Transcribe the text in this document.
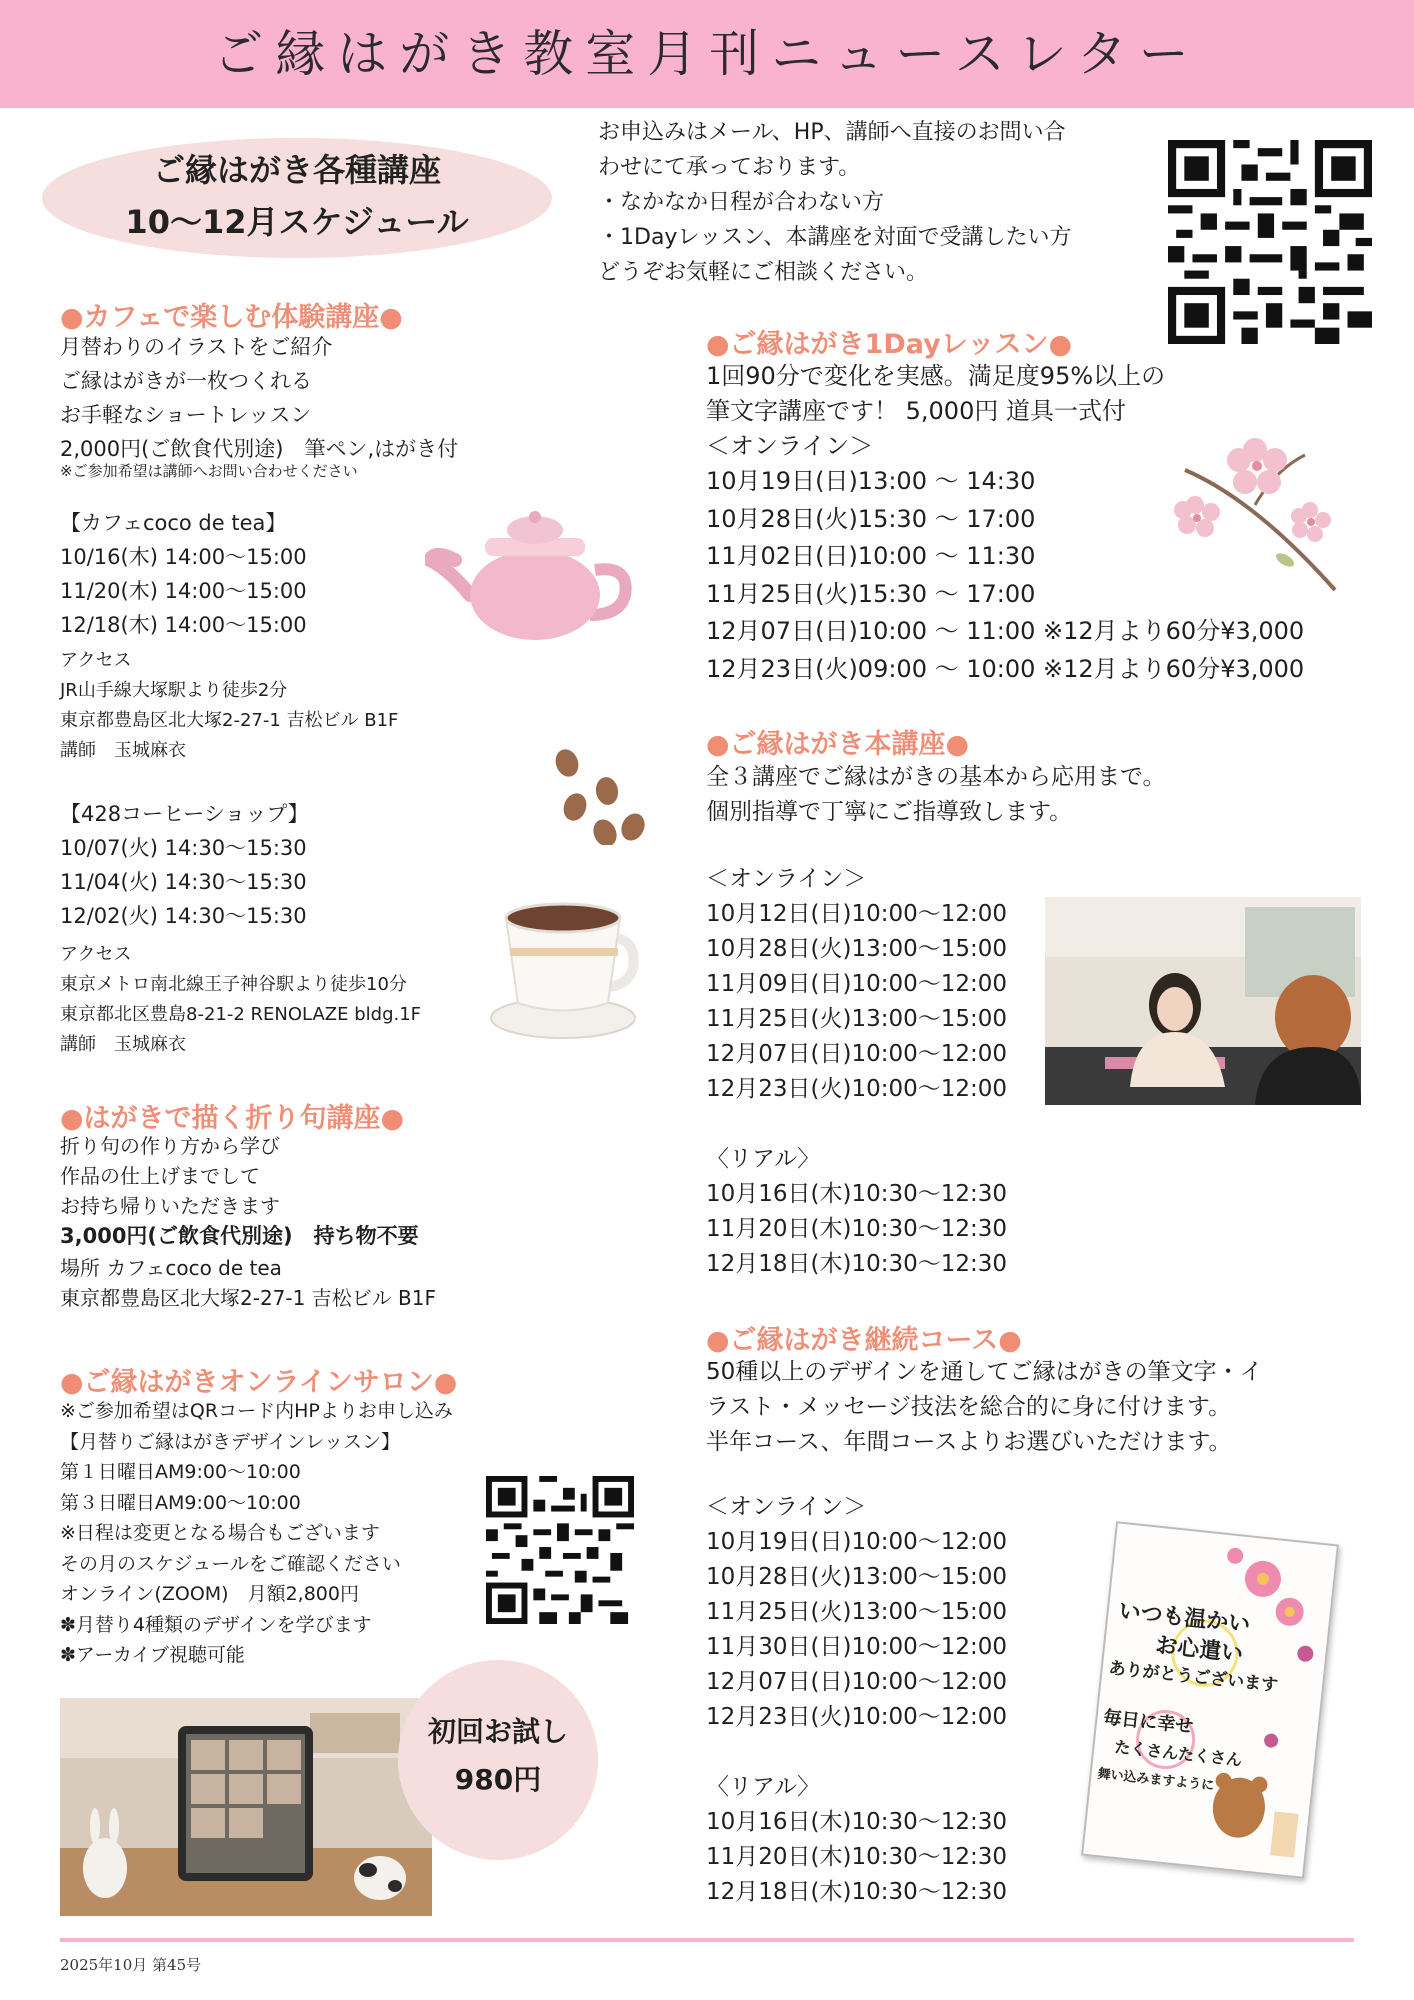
ご縁はがき教室月刊ニュースレター
ご縁はがき各種講座
10〜12月スケジュール
お申込みはメール、HP、講師へ直接のお問い合
わせにて承っております。
・なかなか日程が合わない方
・1Dayレッスン、本講座を対面で受講したい方
どうぞお気軽にご相談ください。
●カフェで楽しむ体験講座●
月替わりのイラストをご紹介
ご縁はがきが一枚つくれる
お手軽なショートレッスン
2,000円(ご飲食代別途)　筆ペン,はがき付
※ご参加希望は講師へお問い合わせください
【カフェcoco de tea】
10/16(木) 14:00〜15:00
11/20(木) 14:00〜15:00
12/18(木) 14:00〜15:00
アクセス
JR山手線大塚駅より徒歩2分
東京都豊島区北大塚2-27-1 吉松ビル B1F
講師　玉城麻衣
【428コーヒーショップ】
10/07(火) 14:30〜15:30
11/04(火) 14:30〜15:30
12/02(火) 14:30〜15:30
アクセス
東京メトロ南北線王子神谷駅より徒歩10分
東京都北区豊島8-21-2 RENOLAZE bldg.1F
講師　玉城麻衣
●はがきで描く折り句講座●
折り句の作り方から学び
作品の仕上げまでして
お持ち帰りいただきます
3,000円(ご飲食代別途)　持ち物不要
場所 カフェcoco de tea
東京都豊島区北大塚2-27-1 吉松ビル B1F
●ご縁はがきオンラインサロン●
※ご参加希望はQRコード内HPよりお申し込み
【月替りご縁はがきデザインレッスン】
第１日曜日AM9:00〜10:00
第３日曜日AM9:00〜10:00
※日程は変更となる場合もございます
その月のスケジュールをご確認ください
オンライン(ZOOM)　月額2,800円
✽月替り4種類のデザインを学びます
✽アーカイブ視聴可能
初回お試し
980円
●ご縁はがき1Dayレッスン●
1回90分で変化を実感。満足度95%以上の
筆文字講座です！ 5,000円 道具一式付
＜オンライン＞
10月19日(日)13:00 〜 14:30
10月28日(火)15:30 〜 17:00
11月02日(日)10:00 〜 11:30
11月25日(火)15:30 〜 17:00
12月07日(日)10:00 〜 11:00 ※12月より60分¥3,000
12月23日(火)09:00 〜 10:00 ※12月より60分¥3,000
●ご縁はがき本講座●
全３講座でご縁はがきの基本から応用まで。
個別指導で丁寧にご指導致します。
＜オンライン＞
10月12日(日)10:00〜12:00
10月28日(火)13:00〜15:00
11月09日(日)10:00〜12:00
11月25日(火)13:00〜15:00
12月07日(日)10:00〜12:00
12月23日(火)10:00〜12:00
〈リアル〉
10月16日(木)10:30〜12:30
11月20日(木)10:30〜12:30
12月18日(木)10:30〜12:30
●ご縁はがき継続コース●
50種以上のデザインを通してご縁はがきの筆文字・イ
ラスト・メッセージ技法を総合的に身に付けます。
半年コース、年間コースよりお選びいただけます。
＜オンライン＞
10月19日(日)10:00〜12:00
10月28日(火)13:00〜15:00
11月25日(火)13:00〜15:00
11月30日(日)10:00〜12:00
12月07日(日)10:00〜12:00
12月23日(火)10:00〜12:00
〈リアル〉
10月16日(木)10:30〜12:30
11月20日(木)10:30〜12:30
12月18日(木)10:30〜12:30
いつも温かい
お心遣い
ありがとうございます
毎日に幸せ
たくさんたくさん
舞い込みますように
2025年10月 第45号
